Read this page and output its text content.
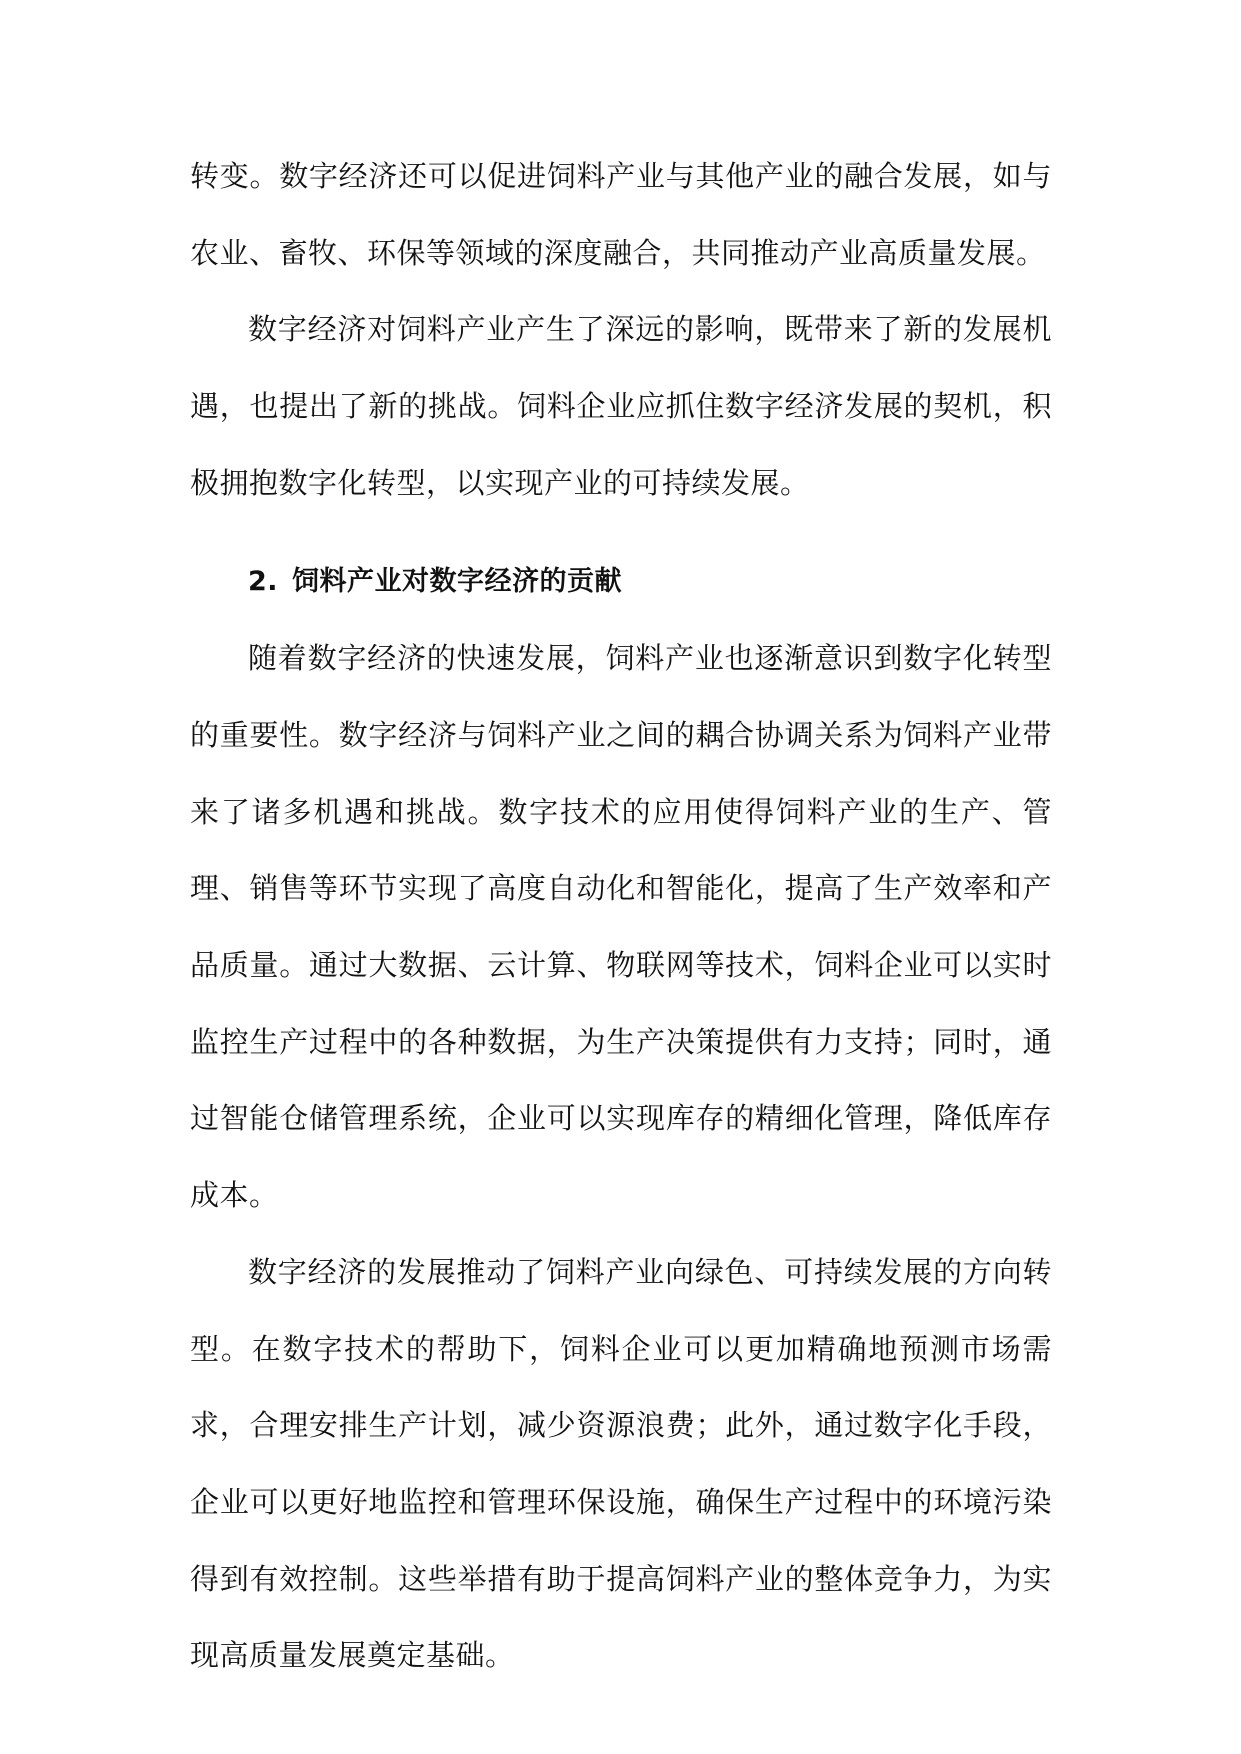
转变。数字经济还可以促进饲料产业与其他产业的融合发展，如与农业、畜牧、环保等领域的深度融合，共同推动产业高质量发展。

数字经济对饲料产业产生了深远的影响，既带来了新的发展机遇，也提出了新的挑战。饲料企业应抓住数字经济发展的契机，积极拥抱数字化转型，以实现产业的可持续发展。

2. 饲料产业对数字经济的贡献

随着数字经济的快速发展，饲料产业也逐渐意识到数字化转型的重要性。数字经济与饲料产业之间的耦合协调关系为饲料产业带来了诸多机遇和挑战。数字技术的应用使得饲料产业的生产、管理、销售等环节实现了高度自动化和智能化，提高了生产效率和产品质量。通过大数据、云计算、物联网等技术，饲料企业可以实时监控生产过程中的各种数据，为生产决策提供有力支持；同时，通过智能仓储管理系统，企业可以实现库存的精细化管理，降低库存成本。

数字经济的发展推动了饲料产业向绿色、可持续发展的方向转型。在数字技术的帮助下，饲料企业可以更加精确地预测市场需求，合理安排生产计划，减少资源浪费；此外，通过数字化手段，企业可以更好地监控和管理环保设施，确保生产过程中的环境污染得到有效控制。这些举措有助于提高饲料产业的整体竞争力，为实现高质量发展奠定基础。
